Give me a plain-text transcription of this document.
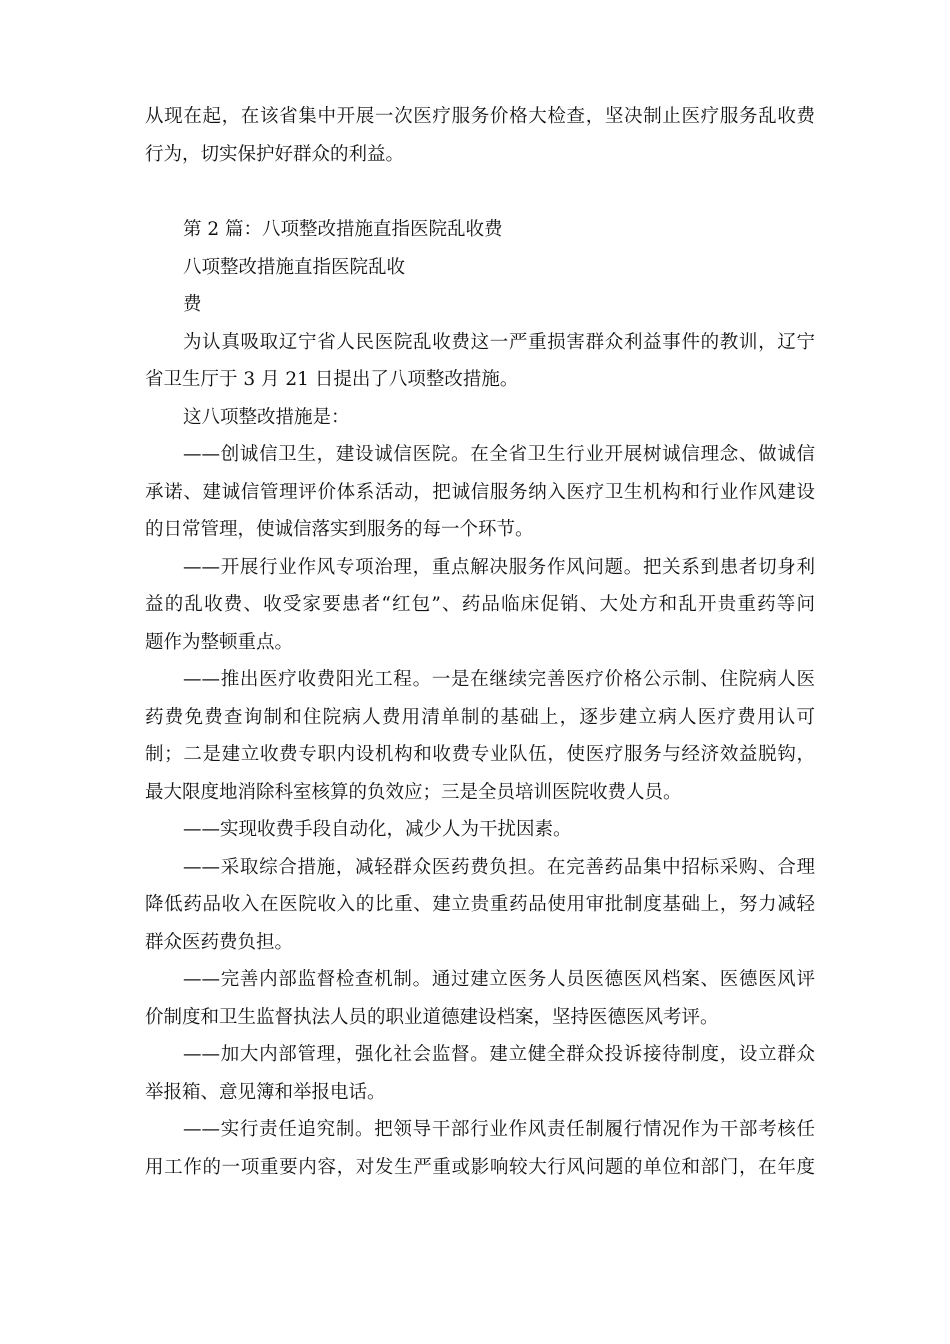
从现在起，在该省集中开展一次医疗服务价格大检查，坚决制止医疗服务乱收费
行为，切实保护好群众的利益。
第 2 篇：八项整改措施直指医院乱收费
八项整改措施直指医院乱收
费
为认真吸取辽宁省人民医院乱收费这一严重损害群众利益事件的教训，辽宁
省卫生厅于 3 月 21 日提出了八项整改措施。
这八项整改措施是：
——创诚信卫生，建设诚信医院。在全省卫生行业开展树诚信理念、做诚信
承诺、建诚信管理评价体系活动，把诚信服务纳入医疗卫生机构和行业作风建设
的日常管理，使诚信落实到服务的每一个环节。
——开展行业作风专项治理，重点解决服务作风问题。把关系到患者切身利
益的乱收费、收受家要患者“红包”、药品临床促销、大处方和乱开贵重药等问
题作为整顿重点。
——推出医疗收费阳光工程。一是在继续完善医疗价格公示制、住院病人医
药费免费查询制和住院病人费用清单制的基础上，逐步建立病人医疗费用认可
制；二是建立收费专职内设机构和收费专业队伍，使医疗服务与经济效益脱钩，
最大限度地消除科室核算的负效应；三是全员培训医院收费人员。
——实现收费手段自动化，减少人为干扰因素。
——采取综合措施，减轻群众医药费负担。在完善药品集中招标采购、合理
降低药品收入在医院收入的比重、建立贵重药品使用审批制度基础上，努力减轻
群众医药费负担。
——完善内部监督检查机制。通过建立医务人员医德医风档案、医德医风评
价制度和卫生监督执法人员的职业道德建设档案，坚持医德医风考评。
——加大内部管理，强化社会监督。建立健全群众投诉接待制度，设立群众
举报箱、意见簿和举报电话。
——实行责任追究制。把领导干部行业作风责任制履行情况作为干部考核任
用工作的一项重要内容，对发生严重或影响较大行风问题的单位和部门，在年度
